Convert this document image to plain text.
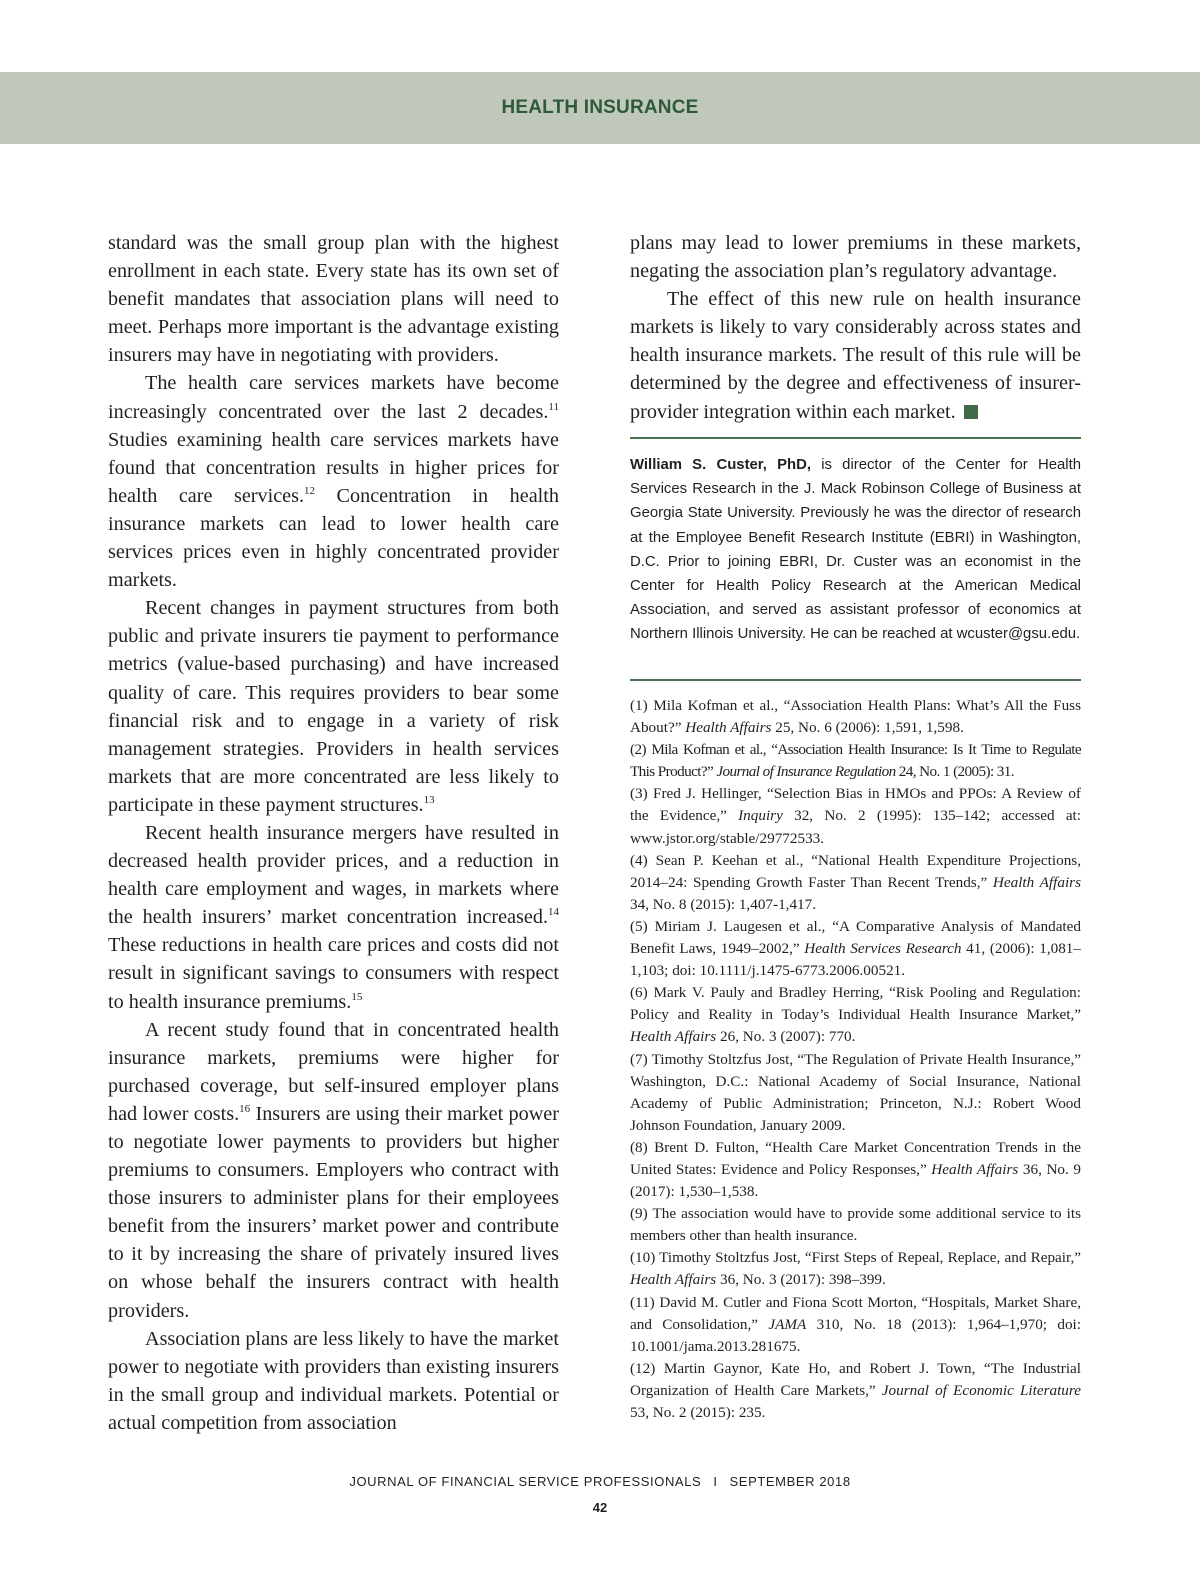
HEALTH INSURANCE

standard was the small group plan with the highest enrollment in each state. Every state has its own set of benefit mandates that association plans will need to meet. Perhaps more important is the advantage existing insurers may have in negotiating with providers.

The health care services markets have become increasingly concentrated over the last 2 decades.$^{11}$ Studies examining health care services markets have found that concentration results in higher prices for health care services.$^{12}$ Concentration in health insurance markets can lead to lower health care services prices even in highly concentrated provider markets.

Recent changes in payment structures from both public and private insurers tie payment to performance metrics (value-based purchasing) and have increased quality of care. This requires providers to bear some financial risk and to engage in a variety of risk management strategies. Providers in health services markets that are more concentrated are less likely to participate in these payment structures.$^{13}$

Recent health insurance mergers have resulted in decreased health provider prices, and a reduction in health care employment and wages, in markets where the health insurers’ market concentration increased.$^{14}$ These reductions in health care prices and costs did not result in significant savings to consumers with respect to health insurance premiums.$^{15}$

A recent study found that in concentrated health insurance markets, premiums were higher for purchased coverage, but self-insured employer plans had lower costs.$^{16}$ Insurers are using their market power to negotiate lower payments to providers but higher premiums to consumers. Employers who contract with those insurers to administer plans for their employees benefit from the insurers’ market power and contribute to it by increasing the share of privately insured lives on whose behalf the insurers contract with health providers.

Association plans are less likely to have the market power to negotiate with providers than existing insurers in the small group and individual markets. Potential or actual competition from association

plans may lead to lower premiums in these markets, negating the association plan’s regulatory advantage.

The effect of this new rule on health insurance markets is likely to vary considerably across states and health insurance markets. The result of this rule will be determined by the degree and effectiveness of insurer-provider integration within each market.

William S. Custer, PhD, is director of the Center for Health Services Research in the J. Mack Robinson College of Business at Georgia State University. Previously he was the director of research at the Employee Benefit Research Institute (EBRI) in Washington, D.C. Prior to joining EBRI, Dr. Custer was an economist in the Center for Health Policy Research at the American Medical Association, and served as assistant professor of economics at Northern Illinois University. He can be reached at wcuster@gsu.edu.

(1) Mila Kofman et al., “Association Health Plans: What’s All the Fuss About?” Health Affairs 25, No. 6 (2006): 1,591, 1,598.

(2) Mila Kofman et al., “Association Health Insurance: Is It Time to Regulate This Product?” Journal of Insurance Regulation 24, No. 1 (2005): 31.

(3) Fred J. Hellinger, “Selection Bias in HMOs and PPOs: A Review of the Evidence,” Inquiry 32, No. 2 (1995): 135–142; accessed at: www.jstor.org/stable/29772533.

(4) Sean P. Keehan et al., “National Health Expenditure Projections, 2014–24: Spending Growth Faster Than Recent Trends,” Health Affairs 34, No. 8 (2015): 1,407-1,417.

(5) Miriam J. Laugesen et al., “A Comparative Analysis of Mandated Benefit Laws, 1949–2002,” Health Services Research 41, (2006): 1,081–1,103; doi: 10.1111/j.1475-6773.2006.00521.

(6) Mark V. Pauly and Bradley Herring, “Risk Pooling and Regulation: Policy and Reality in Today’s Individual Health Insurance Market,” Health Affairs 26, No. 3 (2007): 770.

(7) Timothy Stoltzfus Jost, “The Regulation of Private Health Insurance,” Washington, D.C.: National Academy of Social Insurance, National Academy of Public Administration; Princeton, N.J.: Robert Wood Johnson Foundation, January 2009.

(8) Brent D. Fulton, “Health Care Market Concentration Trends in the United States: Evidence and Policy Responses,” Health Affairs 36, No. 9 (2017): 1,530–1,538.

(9) The association would have to provide some additional service to its members other than health insurance.

(10) Timothy Stoltzfus Jost, “First Steps of Repeal, Replace, and Repair,” Health Affairs 36, No. 3 (2017): 398–399.

(11) David M. Cutler and Fiona Scott Morton, “Hospitals, Market Share, and Consolidation,” JAMA 310, No. 18 (2013): 1,964–1,970; doi: 10.1001/jama.2013.281675.

(12) Martin Gaynor, Kate Ho, and Robert J. Town, “The Industrial Organization of Health Care Markets,” Journal of Economic Literature 53, No. 2 (2015): 235.

JOURNAL OF FINANCIAL SERVICE PROFESSIONALS I SEPTEMBER 2018
42
